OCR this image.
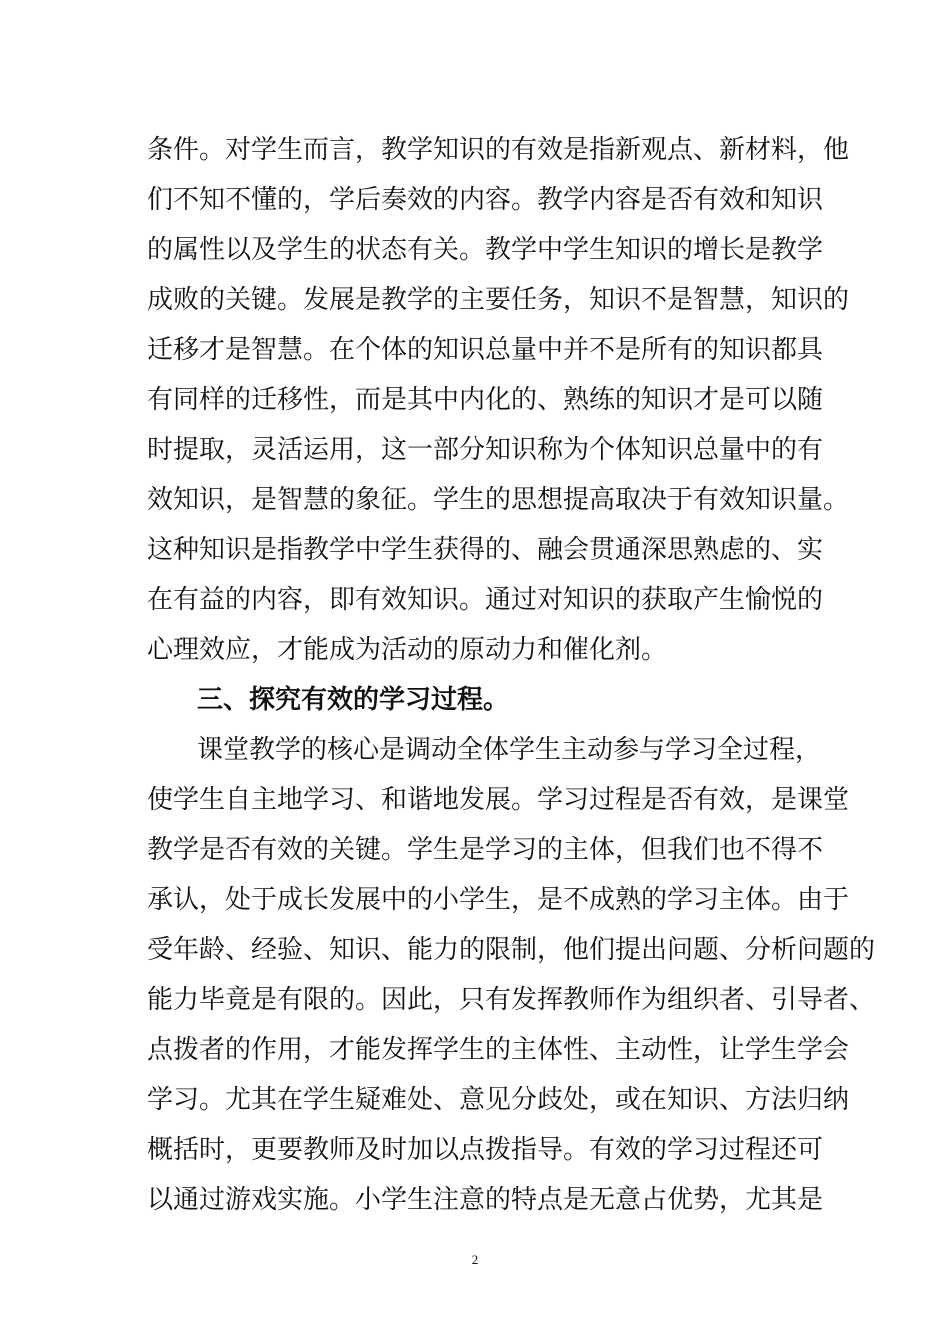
条件。对学生而言，教学知识的有效是指新观点、新材料，他
们不知不懂的，学后奏效的内容。教学内容是否有效和知识
的属性以及学生的状态有关。教学中学生知识的增长是教学
成败的关键。发展是教学的主要任务，知识不是智慧，知识的
迁移才是智慧。在个体的知识总量中并不是所有的知识都具
有同样的迁移性，而是其中内化的、熟练的知识才是可以随
时提取，灵活运用，这一部分知识称为个体知识总量中的有
效知识，是智慧的象征。学生的思想提高取决于有效知识量。
这种知识是指教学中学生获得的、融会贯通深思熟虑的、实
在有益的内容，即有效知识。通过对知识的获取产生愉悦的
心理效应，才能成为活动的原动力和催化剂。
三、探究有效的学习过程。
课堂教学的核心是调动全体学生主动参与学习全过程，
使学生自主地学习、和谐地发展。学习过程是否有效，是课堂
教学是否有效的关键。学生是学习的主体，但我们也不得不
承认，处于成长发展中的小学生，是不成熟的学习主体。由于
受年龄、经验、知识、能力的限制，他们提出问题、分析问题的
能力毕竟是有限的。因此，只有发挥教师作为组织者、引导者、
点拨者的作用，才能发挥学生的主体性、主动性，让学生学会
学习。尤其在学生疑难处、意见分歧处，或在知识、方法归纳
概括时，更要教师及时加以点拨指导。有效的学习过程还可
以通过游戏实施。小学生注意的特点是无意占优势，尤其是
2
